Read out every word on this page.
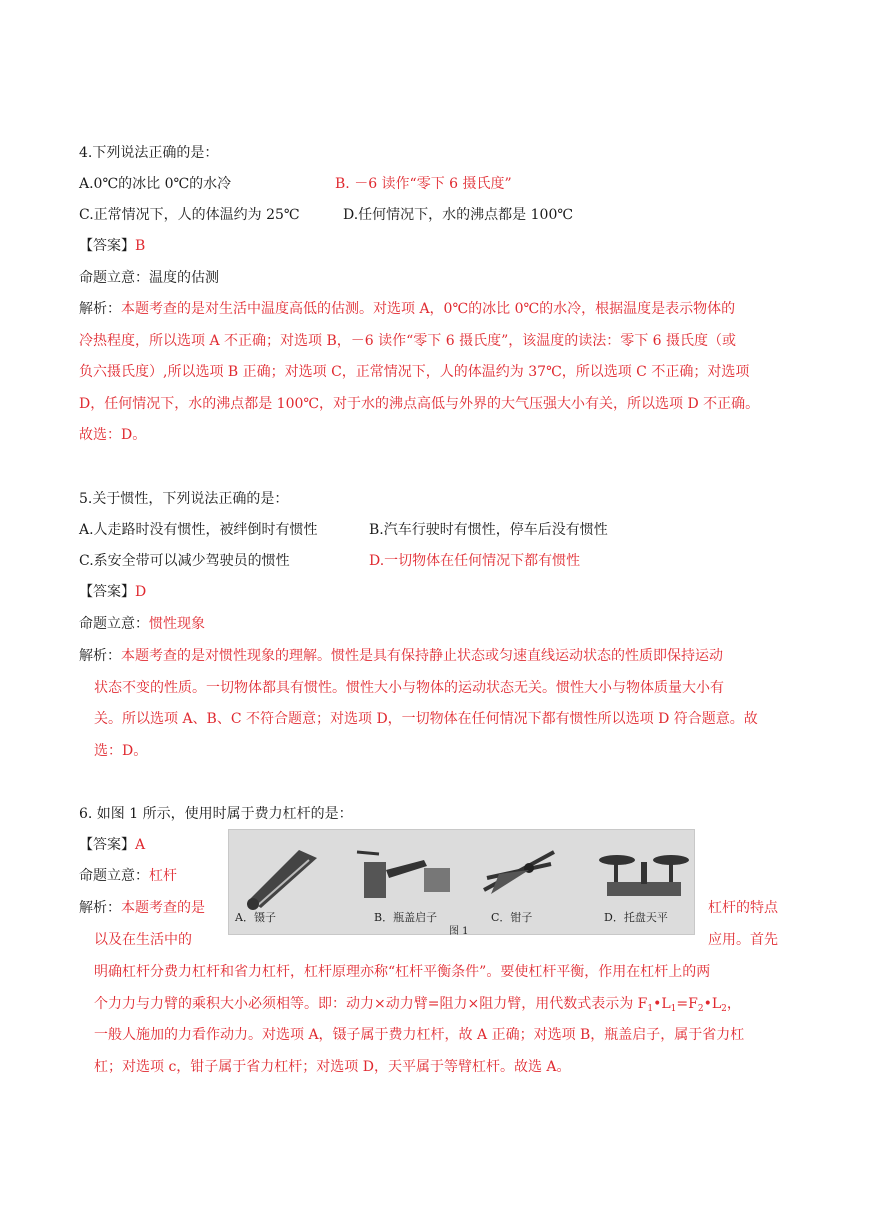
4.下列说法正确的是：
A.0℃的冰比 0℃的水冷	B. －6 读作“零下 6 摄氏度”
C.正常情况下，人的体温约为 25℃	D.任何情况下，水的沸点都是 100℃
【答案】B
命题立意：温度的估测
解析：本题考查的是对生活中温度高低的估测。对选项 A，0℃的冰比 0℃的水冷，根据温度是表示物体的
冷热程度，所以选项 A 不正确；对选项 B，－6 读作“零下 6 摄氏度”，该温度的读法：零下 6 摄氏度（或
负六摄氏度）,所以选项 B 正确；对选项 C，正常情况下，人的体温约为 37℃，所以选项 C 不正确；对选项
D，任何情况下，水的沸点都是 100℃，对于水的沸点高低与外界的大气压强大小有关，所以选项 D 不正确。
故选：D。
5.关于惯性，下列说法正确的是：
A.人走路时没有惯性，被绊倒时有惯性	B.汽车行驶时有惯性，停车后没有惯性
C.系安全带可以减少驾驶员的惯性	D.一切物体在任何情况下都有惯性
【答案】D
命题立意：惯性现象
解析：本题考查的是对惯性现象的理解。惯性是具有保持静止状态或匀速直线运动状态的性质即保持运动
状态不变的性质。一切物体都具有惯性。惯性大小与物体的运动状态无关。惯性大小与物体质量大小有
关。所以选项 A、B、C 不符合题意；对选项 D，一切物体在任何情况下都有惯性所以选项 D 符合题意。故
选：D。
6. 如图 1 所示，使用时属于费力杠杆的是：
【答案】A
命题立意：杠杆
解析：本题考查的是	杠杆的特点
以及在生活中的	应用。首先
明确杠杆分费力杠杆和省力杠杆，杠杆原理亦称“杠杆平衡条件”。要使杠杆平衡，作用在杠杆上的两
个力力与力臂的乘积大小必须相等。即：动力×动力臂=阻力×阻力臂，用代数式表示为 $F_1•L_1=F_2•L_2$，
一般人施加的力看作动力。对选项 A，镊子属于费力杠杆，故 A 正确；对选项 B，瓶盖启子，属于省力杠
杠；对选项 c，钳子属于省力杠杆；对选项 D，天平属于等臂杠杆。故选 A。
A．镊子	B．瓶盖启子	C．钳子	D．托盘天平
图 1
